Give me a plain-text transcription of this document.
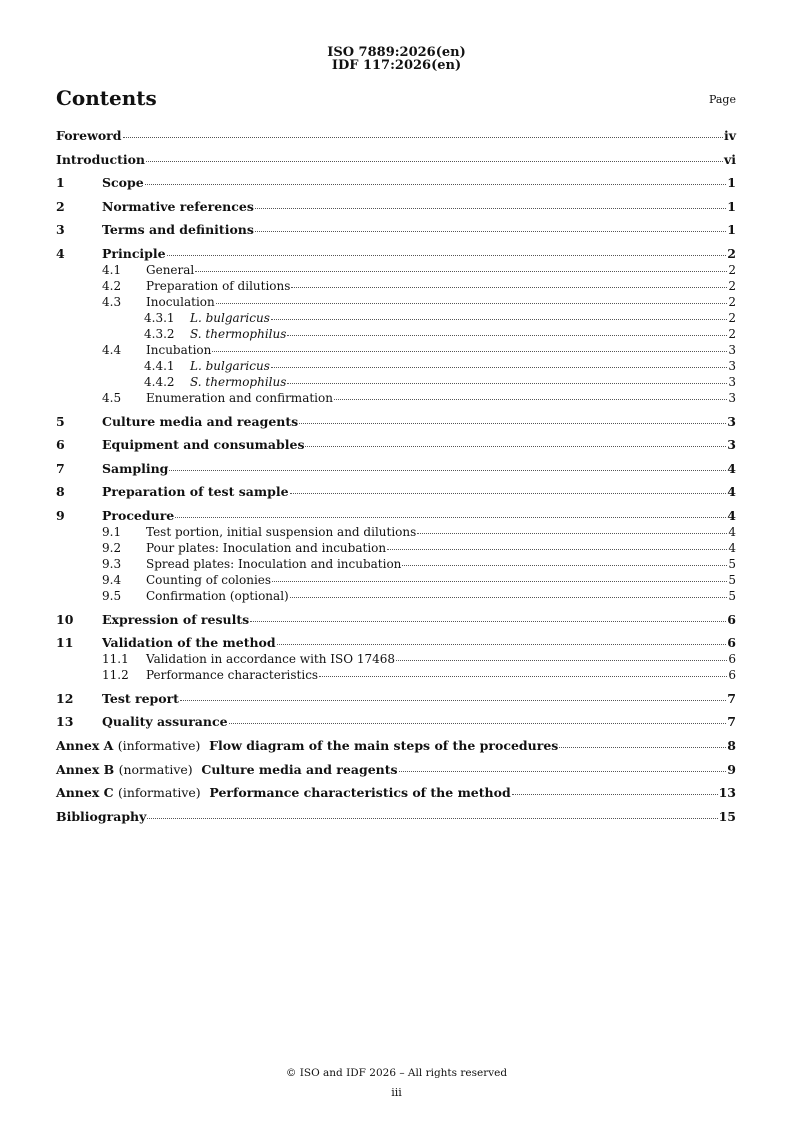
ISO 7889:2026(en)
IDF 117:2026(en)
Contents	Page
Foreword	iv
Introduction	vi
1	Scope	1
2	Normative references	1
3	Terms and definitions	1
4	Principle	2
4.1	General	2
4.2	Preparation of dilutions	2
4.3	Inoculation	2
4.3.1	L. bulgaricus	2
4.3.2	S. thermophilus	2
4.4	Incubation	3
4.4.1	L. bulgaricus	3
4.4.2	S. thermophilus	3
4.5	Enumeration and confirmation	3
5	Culture media and reagents	3
6	Equipment and consumables	3
7	Sampling	4
8	Preparation of test sample	4
9	Procedure	4
9.1	Test portion, initial suspension and dilutions	4
9.2	Pour plates: Inoculation and incubation	4
9.3	Spread plates: Inoculation and incubation	5
9.4	Counting of colonies	5
9.5	Confirmation (optional)	5
10	Expression of results	6
11	Validation of the method	6
11.1	Validation in accordance with ISO 17468	6
11.2	Performance characteristics	6
12	Test report	7
13	Quality assurance	7
Annex A (informative) Flow diagram of the main steps of the procedures	8
Annex B (normative) Culture media and reagents	9
Annex C (informative) Performance characteristics of the method	13
Bibliography	15
© ISO and IDF 2026 – All rights reserved
iii
